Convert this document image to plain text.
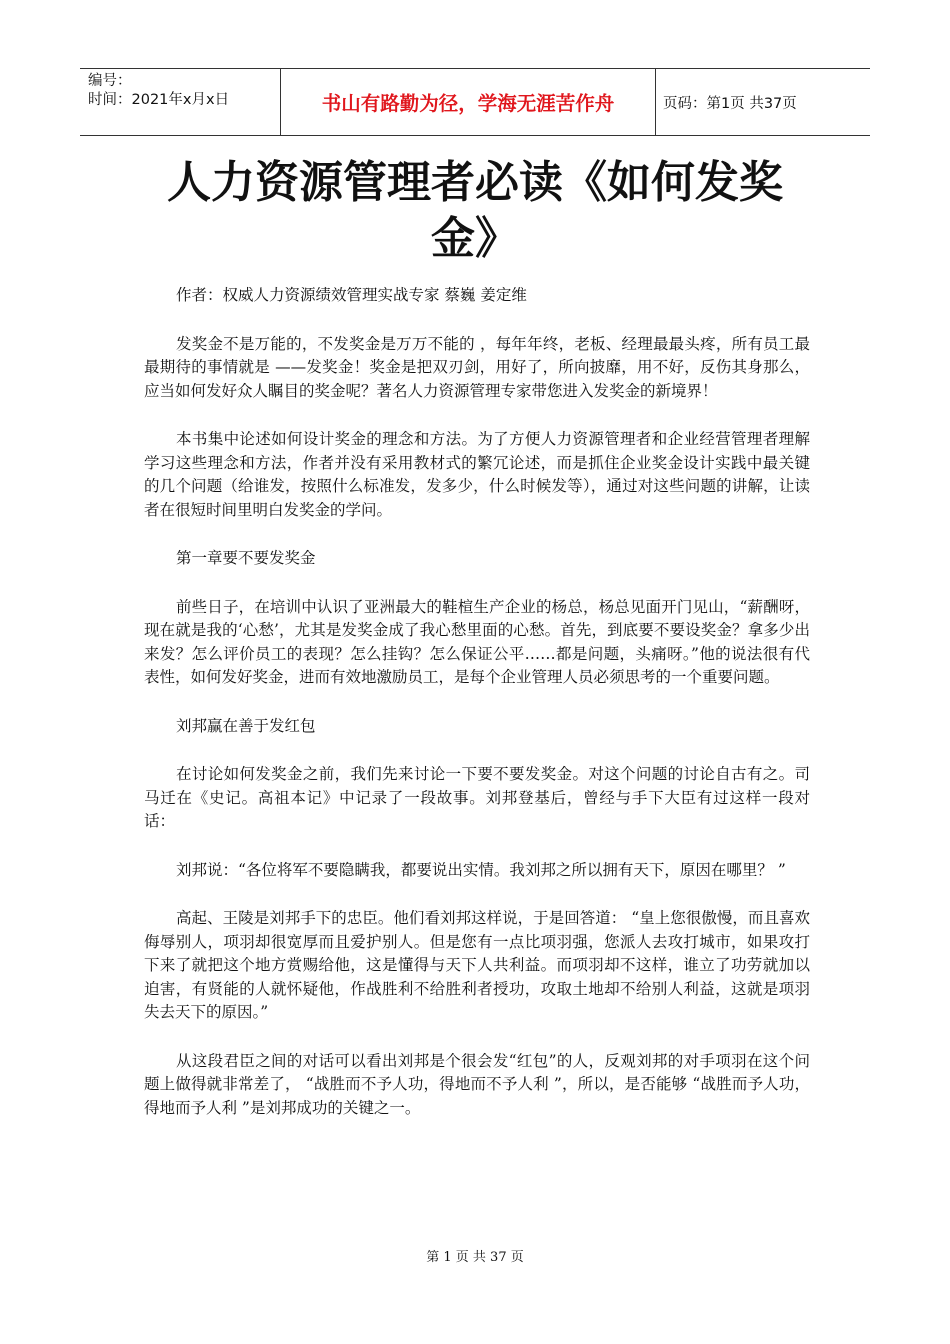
编号：
时间：2021年x月x日	书山有路勤为径，学海无涯苦作舟	页码：第1页 共37页
人力资源管理者必读《如何发奖
金》

作者：权威人力资源绩效管理实战专家 蔡巍 姜定维

发奖金不是万能的，不发奖金是万万不能的 ，每年年终，老板、经理最最头疼，所有员工最最期待的事情就是 ——发奖金！奖金是把双刃剑，用好了，所向披靡，用不好，反伤其身那么，应当如何发好众人瞩目的奖金呢？著名人力资源管理专家带您进入发奖金的新境界！

本书集中论述如何设计奖金的理念和方法。为了方便人力资源管理者和企业经营管理者理解学习这些理念和方法，作者并没有采用教材式的繁冗论述，而是抓住企业奖金设计实践中最关键的几个问题（给谁发，按照什么标准发，发多少，什么时候发等），通过对这些问题的讲解，让读者在很短时间里明白发奖金的学问。

第一章要不要发奖金

前些日子，在培训中认识了亚洲最大的鞋楦生产企业的杨总，杨总见面开门见山，“薪酬呀，现在就是我的‘心愁’，尤其是发奖金成了我心愁里面的心愁。首先，到底要不要设奖金？拿多少出来发？怎么评价员工的表现？怎么挂钩？怎么保证公平……都是问题，头痛呀。”他的说法很有代表性，如何发好奖金，进而有效地激励员工，是每个企业管理人员必须思考的一个重要问题。

刘邦赢在善于发红包

在讨论如何发奖金之前，我们先来讨论一下要不要发奖金。对这个问题的讨论自古有之。司马迁在《史记。高祖本记》中记录了一段故事。刘邦登基后，曾经与手下大臣有过这样一段对话：

刘邦说：“各位将军不要隐瞒我，都要说出实情。我刘邦之所以拥有天下，原因在哪里？ ”

高起、王陵是刘邦手下的忠臣。他们看刘邦这样说，于是回答道： “皇上您很傲慢，而且喜欢侮辱别人，项羽却很宽厚而且爱护别人。但是您有一点比项羽强，您派人去攻打城市，如果攻打下来了就把这个地方赏赐给他，这是懂得与天下人共利益。而项羽却不这样，谁立了功劳就加以迫害，有贤能的人就怀疑他，作战胜利不给胜利者授功，攻取土地却不给别人利益，这就是项羽失去天下的原因。”

从这段君臣之间的对话可以看出刘邦是个很会发“红包”的人，反观刘邦的对手项羽在这个问题上做得就非常差了， “战胜而不予人功，得地而不予人利 ”，所以，是否能够 “战胜而予人功，得地而予人利 ”是刘邦成功的关键之一。

第 1 页 共 37 页
